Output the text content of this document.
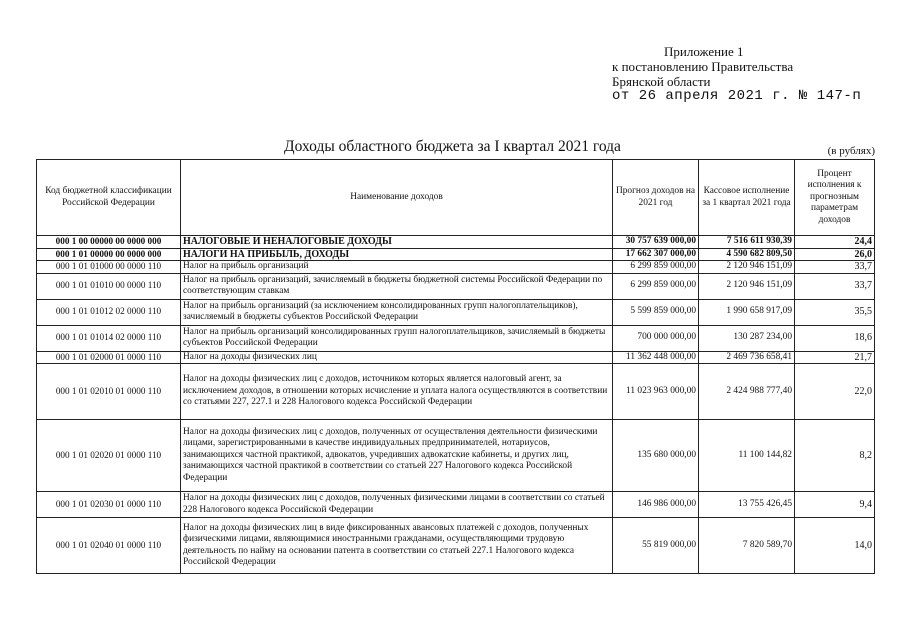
Приложение 1
к постановлению Правительства
Брянской области
от 26 апреля 2021 г. № 147-п
Доходы областного бюджета за I квартал 2021 года	(в рублях)
Код бюджетной классификации Российской Федерации	Наименование доходов	Прогноз доходов на 2021 год	Кассовое исполнение за 1 квартал 2021 года	Процент исполнения к прогнозным параметрам доходов
000 1 00 00000 00 0000 000	НАЛОГОВЫЕ И НЕНАЛОГОВЫЕ ДОХОДЫ	30 757 639 000,00	7 516 611 930,39	24,4
000 1 01 00000 00 0000 000	НАЛОГИ НА ПРИБЫЛЬ, ДОХОДЫ	17 662 307 000,00	4 590 682 809,50	26,0
000 1 01 01000 00 0000 110	Налог на прибыль организаций	6 299 859 000,00	2 120 946 151,09	33,7
000 1 01 01010 00 0000 110	Налог на прибыль организаций, зачисляемый в бюджеты бюджетной системы Российской Федерации по соответствующим ставкам	6 299 859 000,00	2 120 946 151,09	33,7
000 1 01 01012 02 0000 110	Налог на прибыль организаций (за исключением консолидированных групп налогоплательщиков), зачисляемый в бюджеты субъектов Российской Федерации	5 599 859 000,00	1 990 658 917,09	35,5
000 1 01 01014 02 0000 110	Налог на прибыль организаций консолидированных групп налогоплательщиков, зачисляемый в бюджеты субъектов Российской Федерации	700 000 000,00	130 287 234,00	18,6
000 1 01 02000 01 0000 110	Налог на доходы физических лиц	11 362 448 000,00	2 469 736 658,41	21,7
000 1 01 02010 01 0000 110	Налог на доходы физических лиц с доходов, источником которых является налоговый агент, за исключением доходов, в отношении которых исчисление и уплата налога осуществляются в соответствии со статьями 227, 227.1 и 228 Налогового кодекса Российской Федерации	11 023 963 000,00	2 424 988 777,40	22,0
000 1 01 02020 01 0000 110	Налог на доходы физических лиц с доходов, полученных от осуществления деятельности физическими лицами, зарегистрированными в качестве индивидуальных предпринимателей, нотариусов, занимающихся частной практикой, адвокатов, учредивших адвокатские кабинеты, и других лиц, занимающихся частной практикой в соответствии со статьей 227 Налогового кодекса Российской Федерации	135 680 000,00	11 100 144,82	8,2
000 1 01 02030 01 0000 110	Налог на доходы физических лиц с доходов, полученных физическими лицами в соответствии со статьей 228 Налогового кодекса Российской Федерации	146 986 000,00	13 755 426,45	9,4
000 1 01 02040 01 0000 110	Налог на доходы физических лиц в виде фиксированных авансовых платежей с доходов, полученных физическими лицами, являющимися иностранными гражданами, осуществляющими трудовую деятельность по найму на основании патента в соответствии со статьей 227.1 Налогового кодекса Российской Федерации	55 819 000,00	7 820 589,70	14,0
